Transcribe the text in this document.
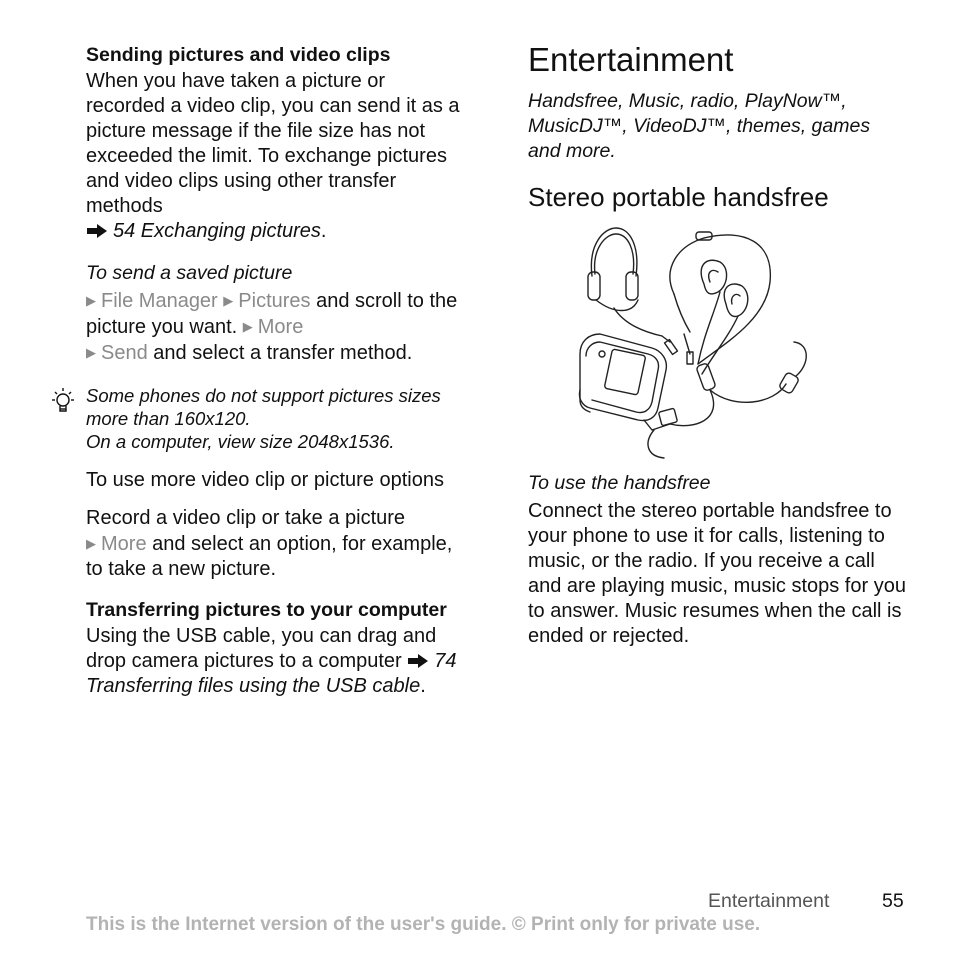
Sending pictures and video clips

When you have taken a picture or recorded a video clip, you can send it as a picture message if the file size has not exceeded the limit. To exchange pictures and video clips using other transfer methods
54 Exchanging pictures.

To send a saved picture

▶ File Manager ▶ Pictures and scroll to the picture you want. ▶ More
▶ Send and select a transfer method.

Some phones do not support pictures sizes more than 160x120.

On a computer, view size 2048x1536.

To use more video clip or picture options

Record a video clip or take a picture
▶ More and select an option, for example, to take a new picture.

Transferring pictures to your computer

Using the USB cable, you can drag and drop camera pictures to a computer 74 Transferring files using the USB cable.

Entertainment

Handsfree, Music, radio, PlayNow™, MusicDJ™, VideoDJ™, themes, games and more.

Stereo portable handsfree

To use the handsfree

Connect the stereo portable handsfree to your phone to use it for calls, listening to music, or the radio. If you receive a call and are playing music, music stops for you to answer. Music resumes when the call is ended or rejected.

Entertainment	55
This is the Internet version of the user's guide. © Print only for private use.
